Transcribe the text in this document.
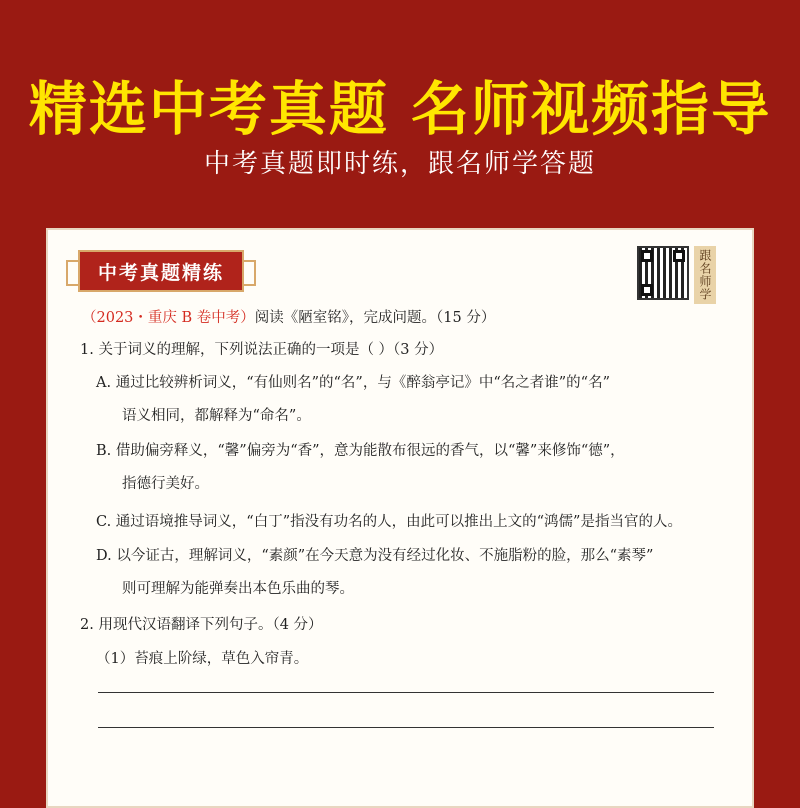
精选中考真题 名师视频指导
中考真题即时练，跟名师学答题
中考真题精练	跟名师学
（2023・重庆 B 卷中考）阅读《陋室铭》，完成问题。（15 分）
1. 关于词义的理解，下列说法正确的一项是（ ）（3 分）
A. 通过比较辨析词义，“有仙则名”的“名”，与《醉翁亭记》中“名之者谁”的“名”
语义相同，都解释为“命名”。
B. 借助偏旁释义，“馨”偏旁为“香”，意为能散布很远的香气，以“馨”来修饰“德”，
指德行美好。
C. 通过语境推导词义，“白丁”指没有功名的人，由此可以推出上文的“鸿儒”是指当官的人。
D. 以今证古，理解词义，“素颜”在今天意为没有经过化妆、不施脂粉的脸，那么“素琴”
则可理解为能弹奏出本色乐曲的琴。
2. 用现代汉语翻译下列句子。（4 分）
（1）苔痕上阶绿，草色入帘青。
